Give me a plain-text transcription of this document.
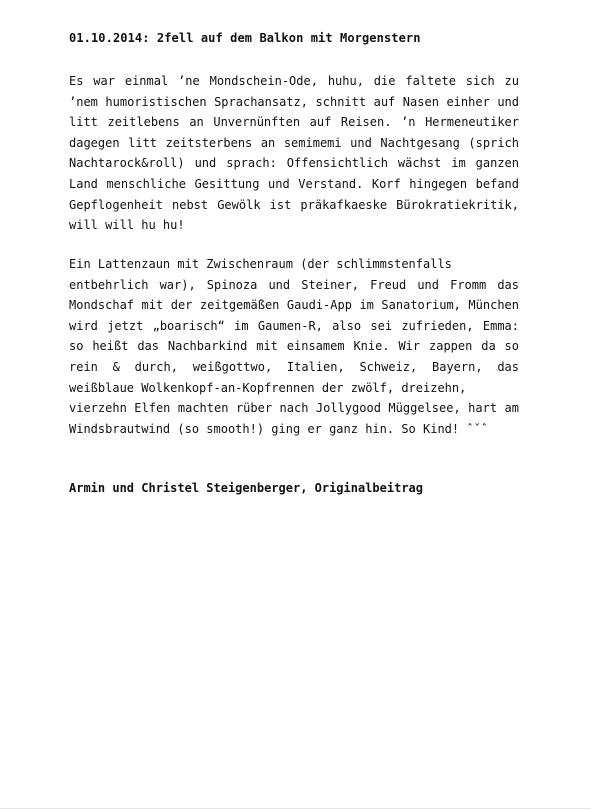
01.10.2014: 2fell auf dem Balkon mit Morgenstern
Es war einmal ’ne Mondschein-Ode, huhu, die faltete sich zu
’nem humoristischen Sprachansatz, schnitt auf Nasen einher und
litt zeitlebens an Unvernünften auf Reisen. ’n Hermeneutiker
dagegen litt zeitsterbens an semimemi und Nachtgesang (sprich
Nachtarock&roll) und sprach: Offensichtlich wächst im ganzen
Land menschliche Gesittung und Verstand. Korf hingegen befand
Gepflogenheit nebst Gewölk ist präkafkaeske Bürokratiekritik,
will will hu hu!
Ein Lattenzaun mit Zwischenraum (der schlimmstenfalls
entbehrlich war), Spinoza und Steiner, Freud und Fromm das
Mondschaf mit der zeitgemäßen Gaudi-App im Sanatorium, München
wird jetzt „boarisch“ im Gaumen-R, also sei zufrieden, Emma:
so heißt das Nachbarkind mit einsamem Knie. Wir zappen da so
rein & durch, weißgottwo, Italien, Schweiz, Bayern, das
weißblaue Wolkenkopf-an-Kopfrennen der zwölf, dreizehn,
vierzehn Elfen machten rüber nach Jollygood Müggelsee, hart am
Windsbrautwind (so smooth!) ging er ganz hin. So Kind! ˆˇˆ

Armin und Christel Steigenberger, Originalbeitrag
